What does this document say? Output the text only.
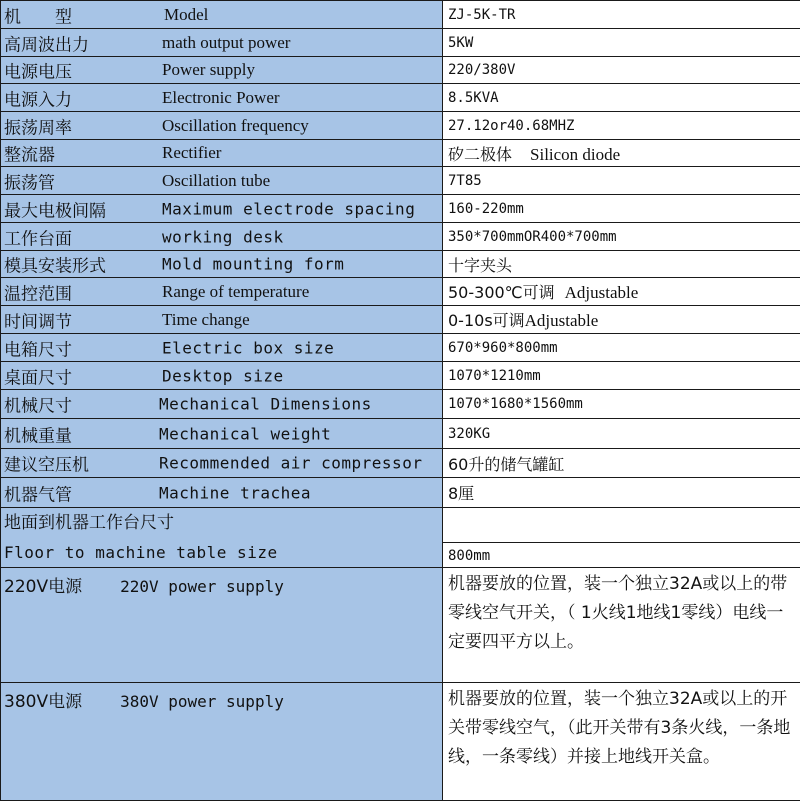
机　　型 Model	ZJ-5K-TR

高周波出力 math output power	5KW

电源电压 Power supply	220/380V

电源入力 Electronic Power	8.5KVA

振荡周率 Oscillation frequency	27.12or40.68MHZ

整流器 Rectifier	矽二极体 Silicon diode

振荡管 Oscillation tube	7T85

最大电极间隔 Maximum electrode spacing	160-220mm

工作台面 working desk	350*700mmOR400*700mm

模具安装形式 Mold mounting form	十字夹头

温控范围 Range of temperature	50-300℃可调 Adjustable

时间调节 Time change	0-10s可调Adjustable

电箱尺寸 Electric box size	670*960*800mm

桌面尺寸 Desktop size	1070*1210mm

机械尺寸 Mechanical Dimensions	1070*1680*1560mm

机械重量 Mechanical weight	320KG

建议空压机 Recommended air compressor	60升的储气罐缸

机器气管 Machine trachea	8厘

地面到机器工作台尺寸
Floor to machine table size	800mm

220V电源 220V power supply	机器要放的位置，装一个独立32A或以上的带零线空气开关，（ 1火线1地线1零线）电线一定要四平方以上。
380V电源 380V power supply	机器要放的位置，装一个独立32A或以上的开关带零线空气，（此开关带有3条火线，一条地线，一条零线）并接上地线开关盒。
